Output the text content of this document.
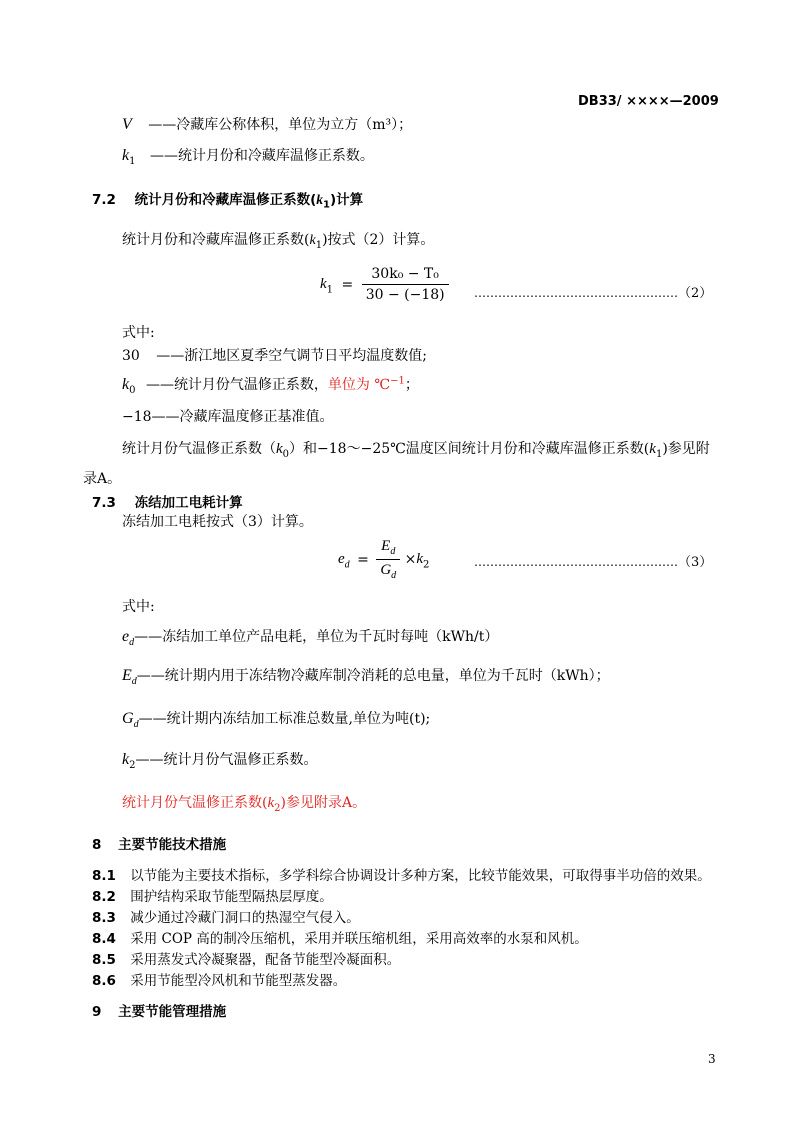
DB33/ ××××—2009
V ——冷藏库公称体积，单位为立方（m³）；
$k_1$ ——统计月份和冷藏库温修正系数。
7.2 统计月份和冷藏库温修正系数$(k_1)$计算
统计月份和冷藏库温修正系数$(k_1)$按式（2）计算。
$k_1 = \frac{\text{30k₀ − T₀}}{30 - (-18)}$ ……………………………………………（2）
式中:
30 ——浙江地区夏季空气调节日平均温度数值;
$k_0$ ——统计月份气温修正系数，单位为 ℃$^{-1}$；
−18——冷藏库温度修正基准值。
统计月份气温修正系数$(k_0)$和−18～−25℃温度区间统计月份和冷藏库温修正系数$(k_1)$参见附
录A。
7.3 冻结加工电耗计算
冻结加工电耗按式（3）计算。
$e_d = \frac{E_d}{G_d} \times k_2$	……………………………………………（3）
式中:
$e_d——$冻结加工单位产品电耗，单位为千瓦时每吨（kWh/t）
$E_d——$统计期内用于冻结物冷藏库制冷消耗的总电量，单位为千瓦时（kWh）；
$G_d——$统计期内冻结加工标准总数量,单位为吨(t);
$k_2——$统计月份气温修正系数。
统计月份气温修正系数$(k_2)$参见附录A。
8 主要节能技术措施
8.1 以节能为主要技术指标，多学科综合协调设计多种方案，比较节能效果，可取得事半功倍的效果。
8.2 围护结构采取节能型隔热层厚度。
8.3 减少通过冷藏门洞口的热湿空气侵入。
8.4 采用 COP 高的制冷压缩机，采用并联压缩机组，采用高效率的水泵和风机。
8.5 采用蒸发式冷凝聚器，配备节能型冷凝面积。
8.6 采用节能型冷风机和节能型蒸发器。
9 主要节能管理措施
3
